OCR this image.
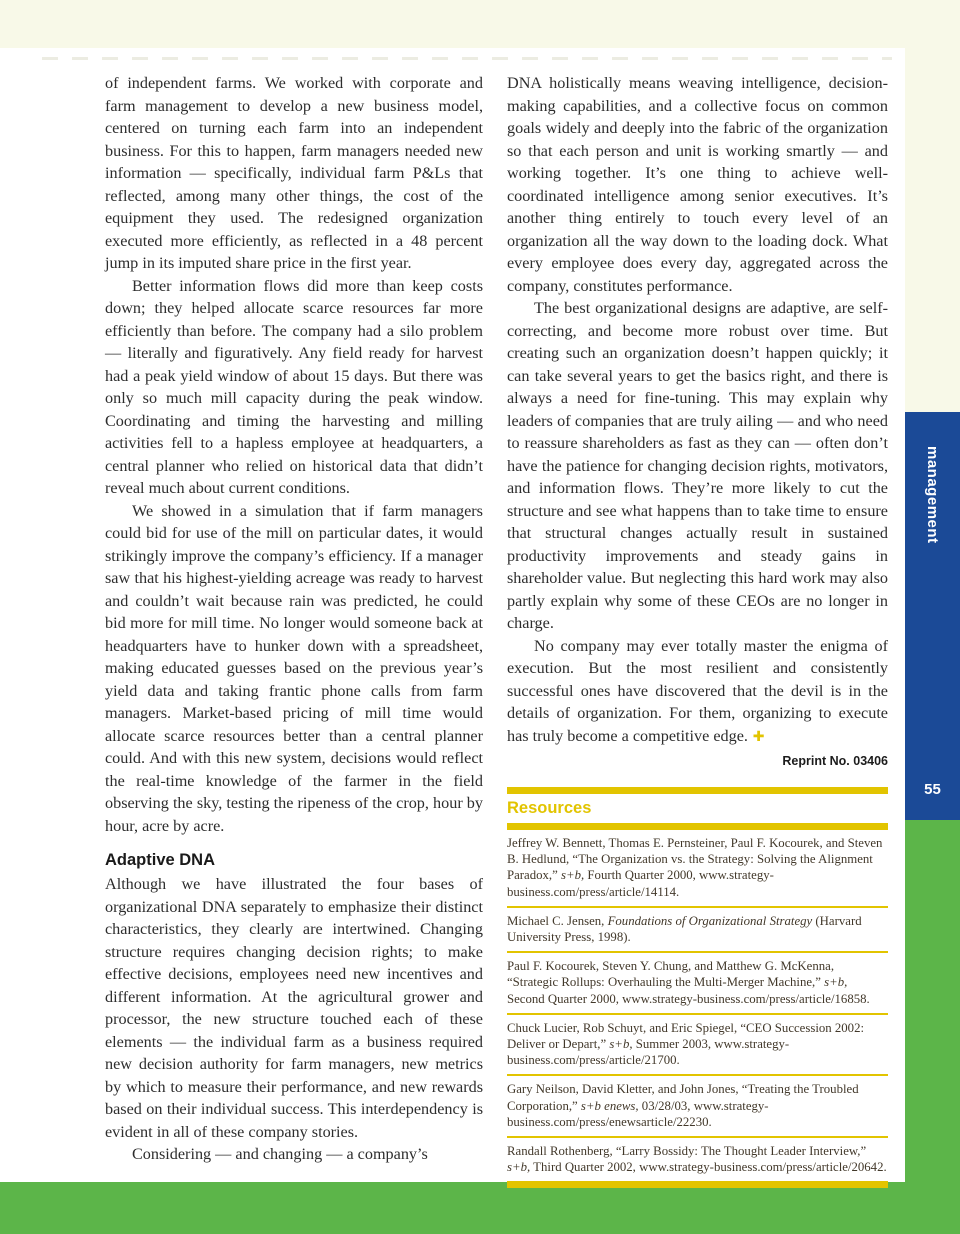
management
55

of independent farms. We worked with corporate and farm management to develop a new business model, centered on turning each farm into an independent business. For this to happen, farm managers needed new information — specifically, individual farm P&Ls that reflected, among many other things, the cost of the equipment they used. The redesigned organization executed more efficiently, as reflected in a 48 percent jump in its imputed share price in the first year.

Better information flows did more than keep costs down; they helped allocate scarce resources far more efficiently than before. The company had a silo problem — literally and figuratively. Any field ready for harvest had a peak yield window of about 15 days. But there was only so much mill capacity during the peak window. Coordinating and timing the harvesting and milling activities fell to a hapless employee at headquarters, a central planner who relied on historical data that didn’t reveal much about current conditions.

We showed in a simulation that if farm managers could bid for use of the mill on particular dates, it would strikingly improve the company’s efficiency. If a manager saw that his highest-yielding acreage was ready to harvest and couldn’t wait because rain was predicted, he could bid more for mill time. No longer would someone back at headquarters have to hunker down with a spreadsheet, making educated guesses based on the previous year’s yield data and taking frantic phone calls from farm managers. Market-based pricing of mill time would allocate scarce resources better than a central planner could. And with this new system, decisions would reflect the real-time knowledge of the farmer in the field observing the sky, testing the ripeness of the crop, hour by hour, acre by acre.

Adaptive DNA

Although we have illustrated the four bases of organizational DNA separately to emphasize their distinct characteristics, they clearly are intertwined. Changing structure requires changing decision rights; to make effective decisions, employees need new incentives and different information. At the agricultural grower and processor, the new structure touched each of these elements — the individual farm as a business required new decision authority for farm managers, new metrics by which to measure their performance, and new rewards based on their individual success. This interdependency is evident in all of these company stories.

Considering — and changing — a company’s

DNA holistically means weaving intelligence, decision-making capabilities, and a collective focus on common goals widely and deeply into the fabric of the organization so that each person and unit is working smartly — and working together. It’s one thing to achieve well-coordinated intelligence among senior executives. It’s another thing entirely to touch every level of an organization all the way down to the loading dock. What every employee does every day, aggregated across the company, constitutes performance.

The best organizational designs are adaptive, are self-correcting, and become more robust over time. But creating such an organization doesn’t happen quickly; it can take several years to get the basics right, and there is always a need for fine-tuning. This may explain why leaders of companies that are truly ailing — and who need to reassure shareholders as fast as they can — often don’t have the patience for changing decision rights, motivators, and information flows. They’re more likely to cut the structure and see what happens than to take time to ensure that structural changes actually result in sustained productivity improvements and steady gains in shareholder value. But neglecting this hard work may also partly explain why some of these CEOs are no longer in charge.

No company may ever totally master the enigma of execution. But the most resilient and consistently successful ones have discovered that the devil is in the details of organization. For them, organizing to execute has truly become a competitive edge. ✚

Reprint No. 03406
Resources
Jeffrey W. Bennett, Thomas E. Pernsteiner, Paul F. Kocourek, and Steven B. Hedlund, “The Organization vs. the Strategy: Solving the Alignment Paradox,” s+b, Fourth Quarter 2000, www.strategy-business.com/press/article/14114.
Michael C. Jensen, Foundations of Organizational Strategy (Harvard University Press, 1998).
Paul F. Kocourek, Steven Y. Chung, and Matthew G. McKenna, “Strategic Rollups: Overhauling the Multi-Merger Machine,” s+b, Second Quarter 2000, www.strategy-business.com/press/article/16858.
Chuck Lucier, Rob Schuyt, and Eric Spiegel, “CEO Succession 2002: Deliver or Depart,” s+b, Summer 2003, www.strategy-business.com/press/article/21700.
Gary Neilson, David Kletter, and John Jones, “Treating the Troubled Corporation,” s+b enews, 03/28/03, www.strategy-business.com/press/enewsarticle/22230.
Randall Rothenberg, “Larry Bossidy: The Thought Leader Interview,” s+b, Third Quarter 2002, www.strategy-business.com/press/article/20642.
